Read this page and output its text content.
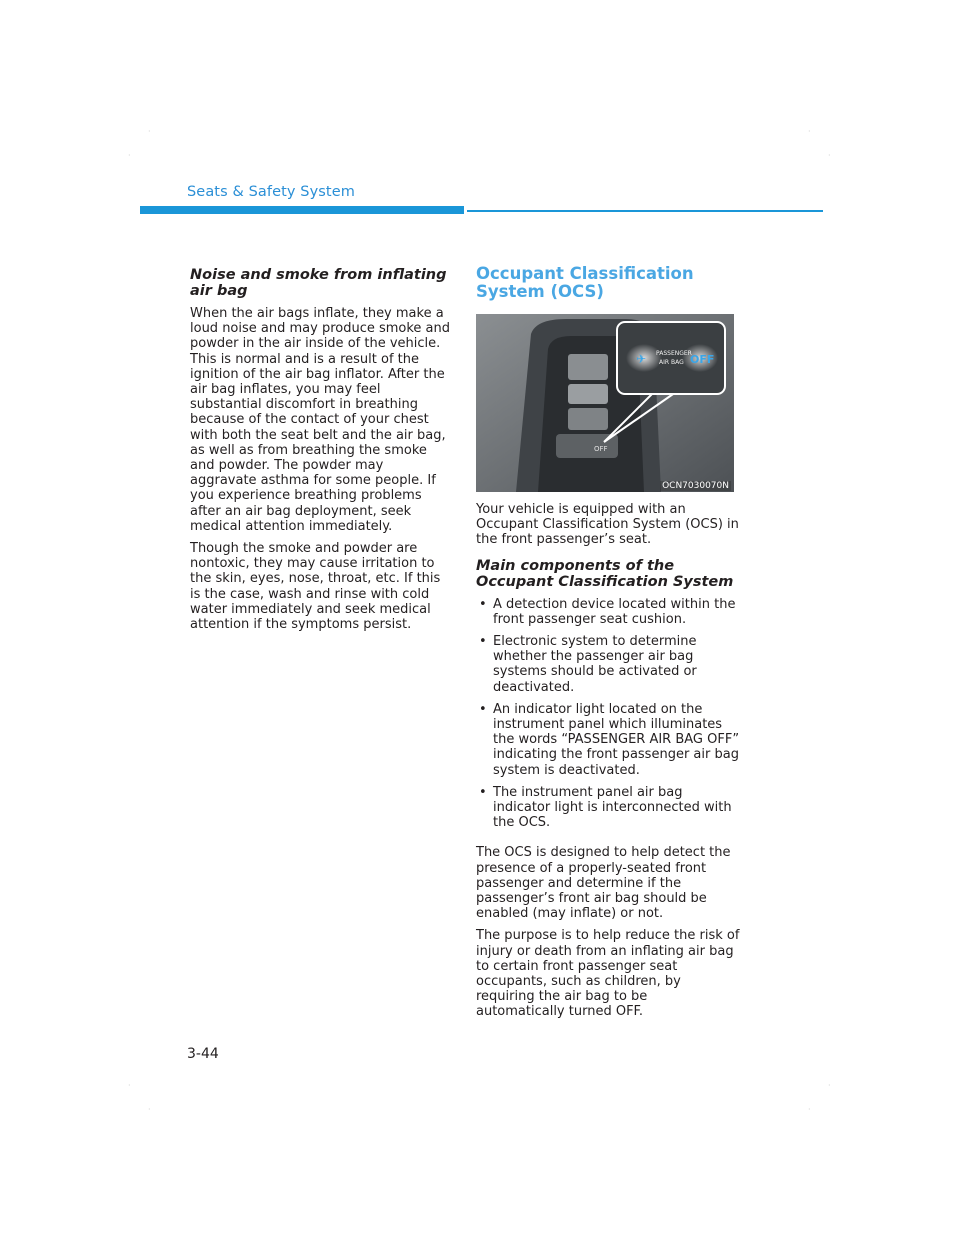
·	·
·	·
·	·
·	·
Seats & Safety System
Noise and smoke from inflating air bag

When the air bags inflate, they make a loud noise and may produce smoke and powder in the air inside of the vehicle. This is normal and is a result of the ignition of the air bag inflator. After the air bag inflates, you may feel substantial discomfort in breathing because of the contact of your chest with both the seat belt and the air bag, as well as from breathing the smoke and powder. The powder may aggravate asthma for some people. If you experience breathing problems after an air bag deployment, seek medical attention immediately.

Though the smoke and powder are nontoxic, they may cause irritation to the skin, eyes, nose, throat, etc. If this is the case, wash and rinse with cold water immediately and seek medical attention if the symptoms persist.

Occupant Classification System (OCS)
OFF
✈ PASSENGER
AIR BAG OFF
OCN7030070N

Your vehicle is equipped with an Occupant Classification System (OCS) in the front passenger’s seat.

Main components of the Occupant Classification System
• A detection device located within the front passenger seat cushion.
• Electronic system to determine whether the passenger air bag systems should be activated or deactivated.
• An indicator light located on the instrument panel which illuminates the words “PASSENGER AIR BAG OFF” indicating the front passenger air bag system is deactivated.
• The instrument panel air bag indicator light is interconnected with the OCS.

The OCS is designed to help detect the presence of a properly-seated front passenger and determine if the passenger’s front air bag should be enabled (may inflate) or not.

The purpose is to help reduce the risk of injury or death from an inflating air bag to certain front passenger seat occupants, such as children, by requiring the air bag to be automatically turned OFF.

3-44
